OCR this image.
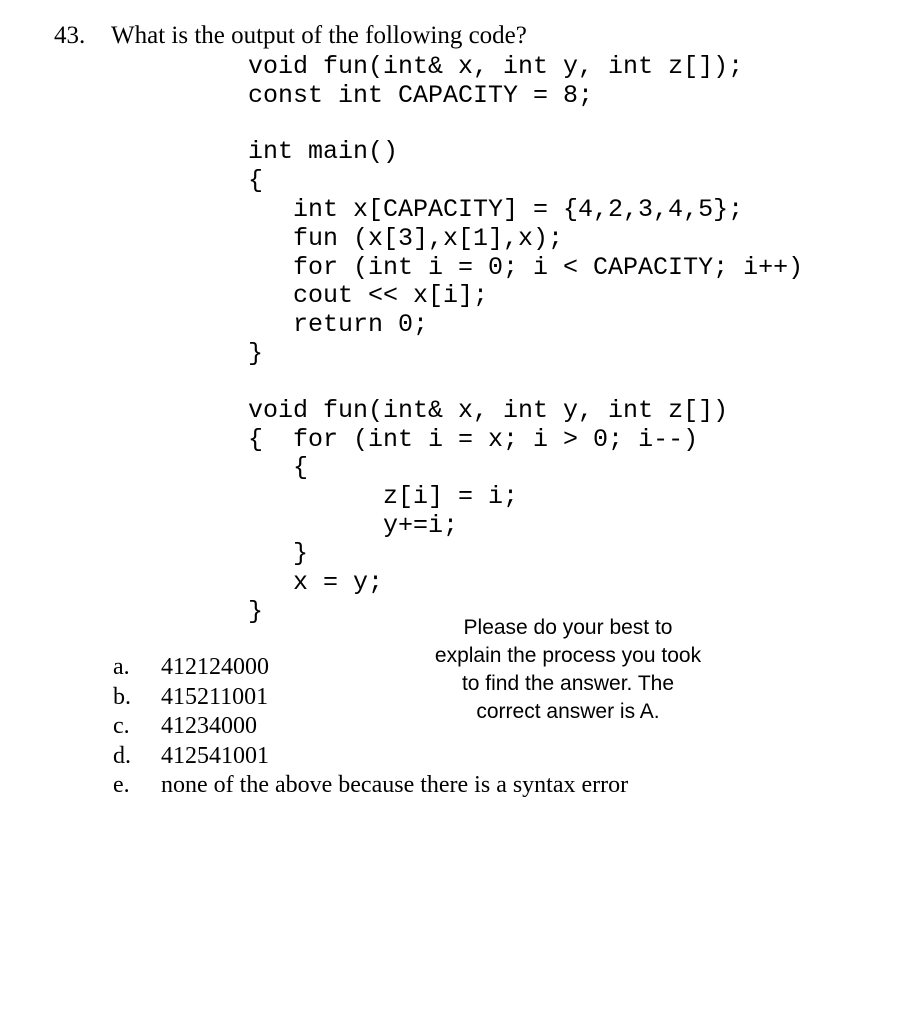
43. What is the output of the following code?
void fun(int& x, int y, int z[]);
const int CAPACITY = 8;
int main()
{
int x[CAPACITY] = {4,2,3,4,5};
fun (x[3],x[1],x);
for (int i = 0; i < CAPACITY; i++)
cout << x[i];
return 0;
}
void fun(int& x, int y, int z[])
{  for (int i = x; i > 0; i--)
{
z[i] = i;
y+=i;
}
x = y;
}
a. 412124000
b. 415211001
c. 41234000
d. 412541001
e. none of the above because there is a syntax error
Please do your best to
explain the process you took
to find the answer. The
correct answer is A.
